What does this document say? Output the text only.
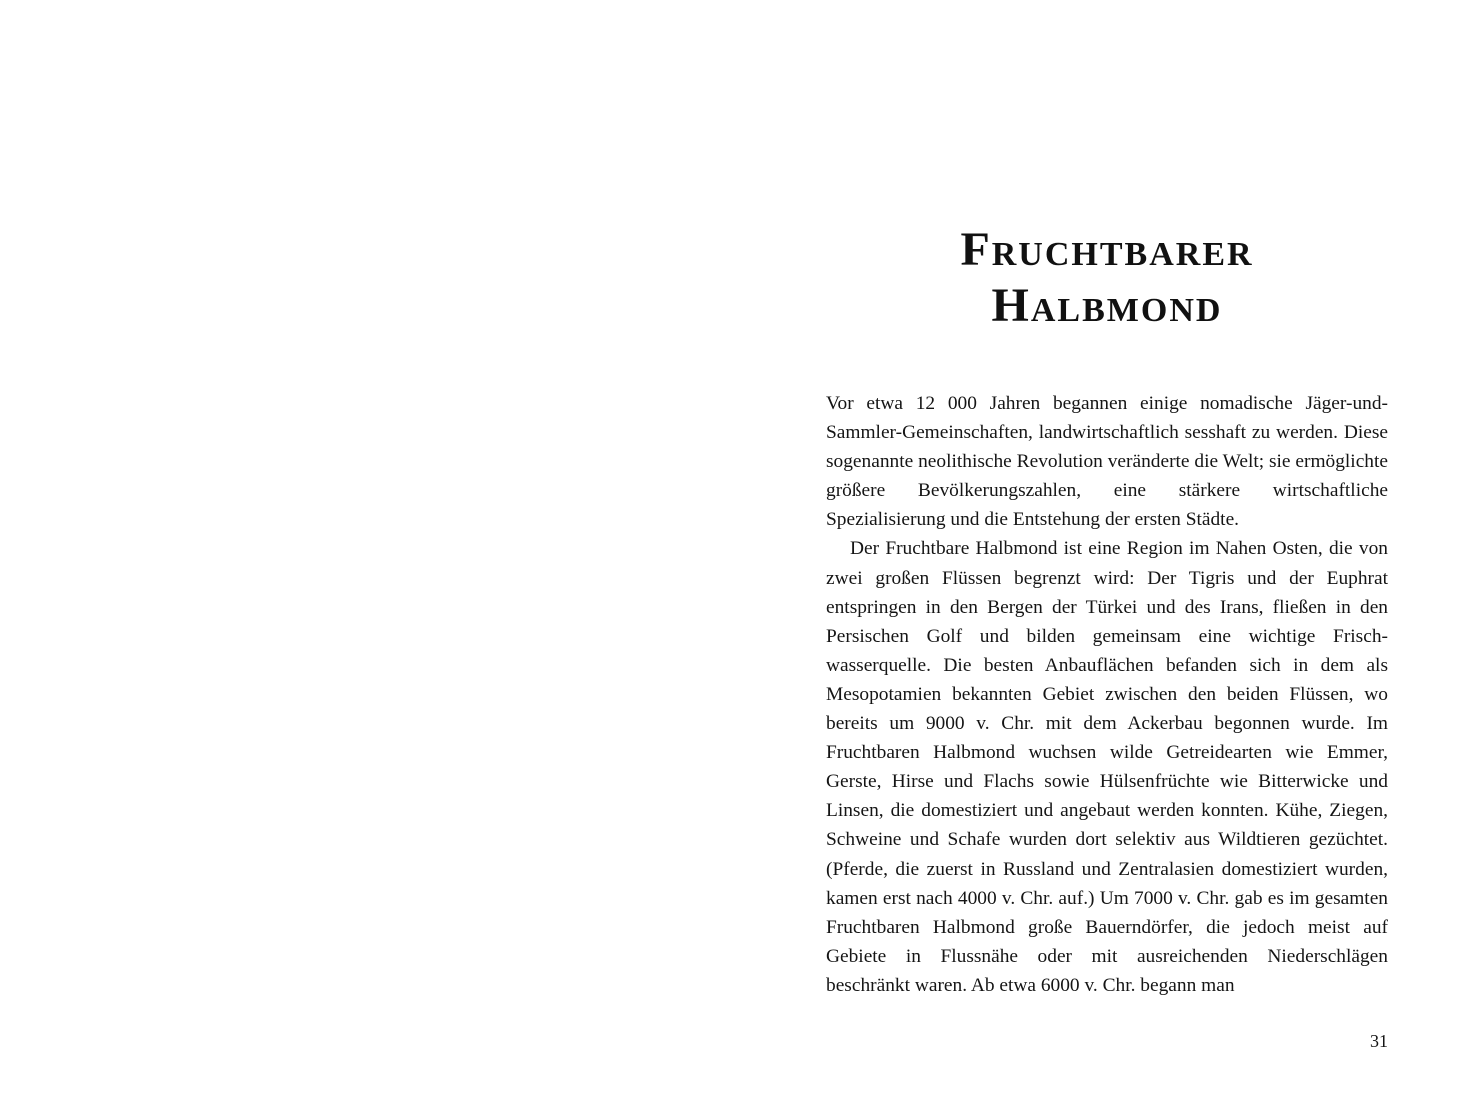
Fruchtbarer
Halbmond

Vor etwa 12 000 Jahren begannen einige nomadische Jäger-und-Sammler-Gemeinschaften, landwirtschaftlich sesshaft zu werden. Diese sogenannte neolithische Revolution veränderte die Welt; sie ermöglichte größere Bevölkerungszahlen, eine stärkere wirtschaftliche Spezialisierung und die Entstehung der ersten Städte.

Der Fruchtbare Halbmond ist eine Region im Nahen Osten, die von zwei großen Flüssen begrenzt wird: Der Tigris und der Euphrat entspringen in den Bergen der Türkei und des Irans, fließen in den Persischen Golf und bilden gemeinsam eine wichtige Frischwasserquelle. Die besten Anbauflächen befanden sich in dem als Mesopotamien bekannten Gebiet zwischen den beiden Flüssen, wo bereits um 9000 v. Chr. mit dem Ackerbau begonnen wurde. Im Fruchtbaren Halbmond wuchsen wilde Getreidearten wie Emmer, Gerste, Hirse und Flachs sowie Hülsenfrüchte wie Bitterwicke und Linsen, die domestiziert und angebaut werden konnten. Kühe, Ziegen, Schweine und Schafe wurden dort selektiv aus Wildtieren gezüchtet. (Pferde, die zuerst in Russland und Zentralasien domestiziert wurden, kamen erst nach 4000 v. Chr. auf.) Um 7000 v. Chr. gab es im gesamten Fruchtbaren Halbmond große Bauerndörfer, die jedoch meist auf Gebiete in Flussnähe oder mit ausreichenden Niederschlägen beschränkt waren. Ab etwa 6000 v. Chr. begann man

31
